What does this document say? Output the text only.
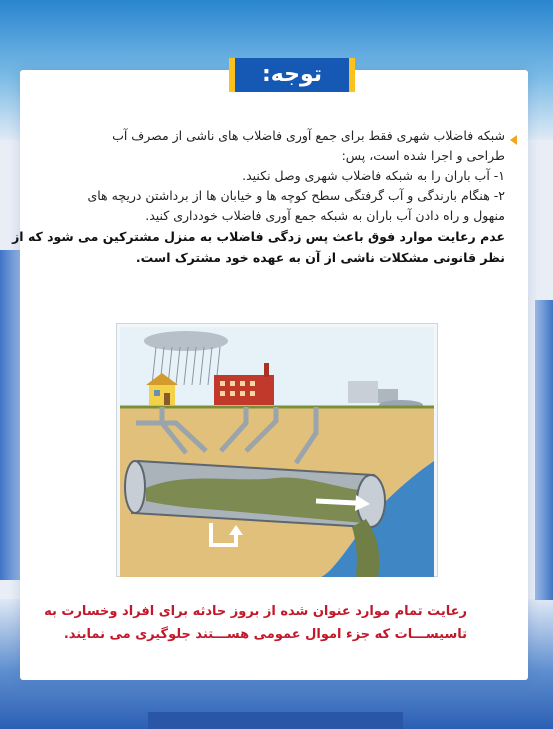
توجه:
شبکه فاضلاب شهری فقط برای جمع آوری فاضلاب های ناشی از مصرف آب
طراحی و اجرا شده است، پس:
۱- آب باران را به شبکه فاضلاب شهری وصل نکنید.
۲- هنگام بارندگی و آب گرفتگی سطح کوچه ها و خیابان ها از برداشتن دریچه های
منهول و راه دادن آب باران به شبکه جمع آوری فاضلاب خودداری کنید.
عدم رعایت موارد فوق باعث پس زدگی فاضلاب به منزل مشترکین می شود که از
نظر قانونی مشکلات ناشی از آن به عهده خود مشترک است.
رعایت تمام موارد عنوان شده از بروز حادثه برای افراد وخسارت به
تاسیســـات که جزء اموال عمومی هســـتند جلوگیری می نمایند.
